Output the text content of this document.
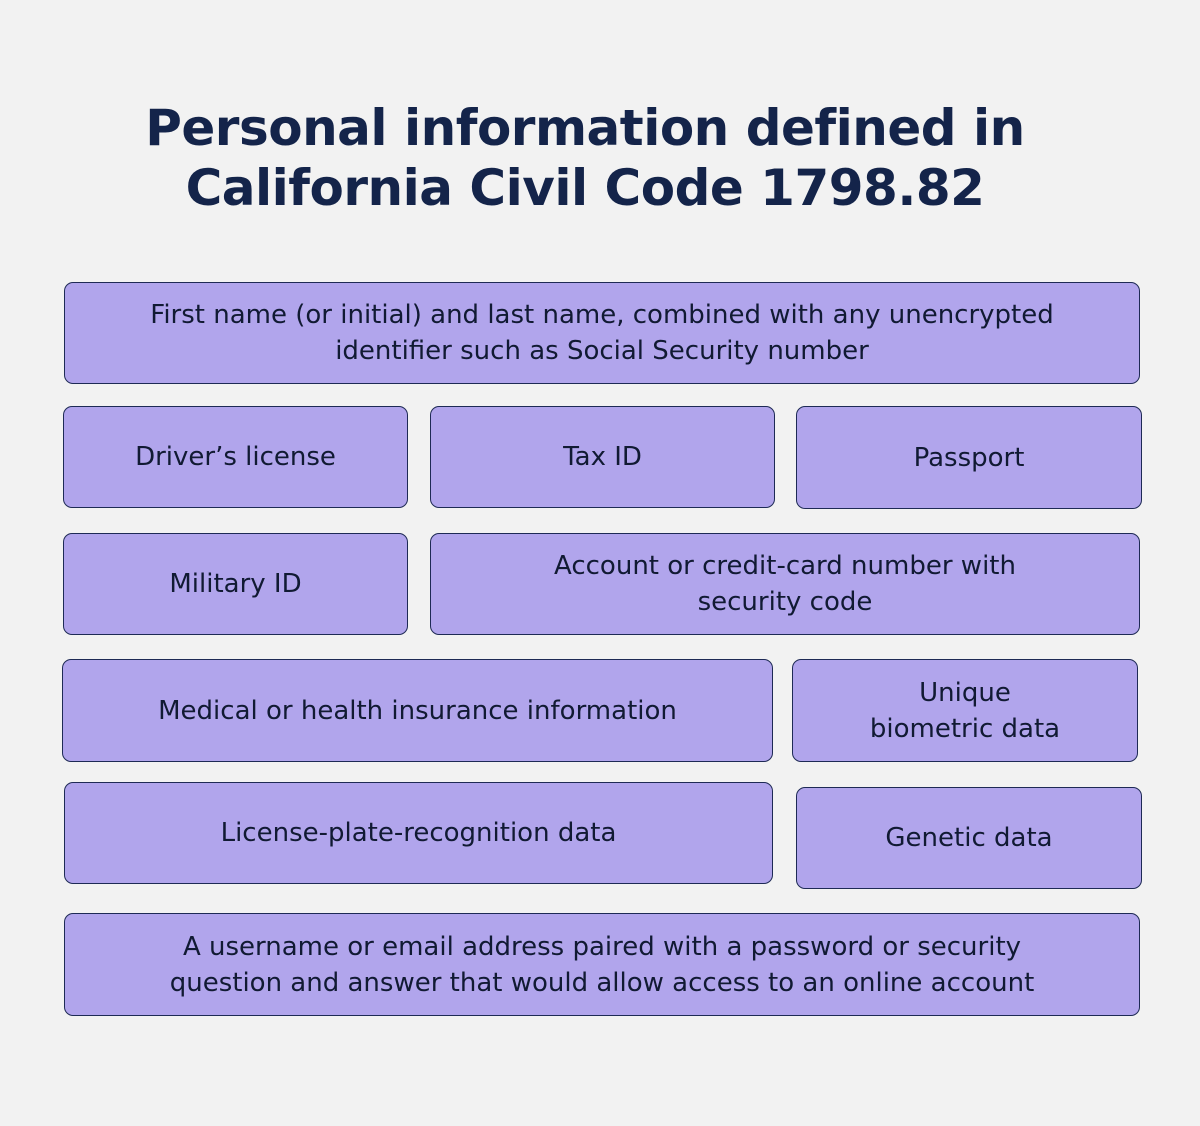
Personal information defined in
California Civil Code 1798.82
First name (or initial) and last name, combined with any unencrypted
identifier such as Social Security number
Driver’s license	Tax ID	Passport
Military ID
Account or credit-card number with
security code
Medical or health insurance information
Unique
biometric data
License-plate-recognition data	Genetic data
A username or email address paired with a password or security
question and answer that would allow access to an online account
